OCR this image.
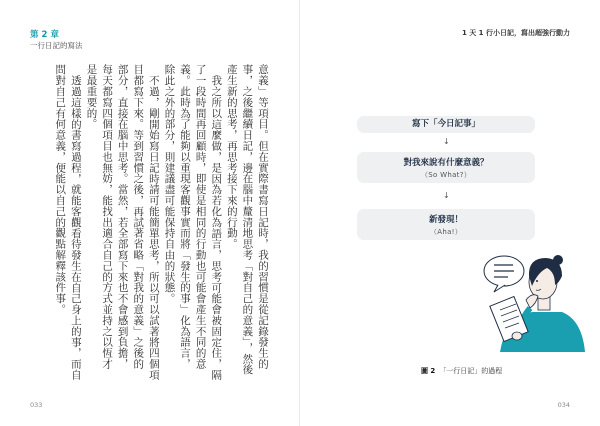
第 2 章
一行日記的寫法

意義」等項目。但在實際書寫日記時，我的習慣是從記錄發生的事，之後繼續日記，邊在腦中釐清地思考「對自己的意義」，然後產生新的思考，再思考接下來的行動。

我之所以這麼做，是因為若化為語言，思考可能會被固定住，隔了一段時間再回顧時，即使是相同的行動也可能會產生不同的意義。此時為了能夠以重現客觀事實而將「發生的事」化為語言，除此之外的部分，則建議盡可能保持自由的狀態。

不過，剛開始寫日記時請可能簡單思考，所以可以試著將四個項目都寫下來。等到習慣之後，再試著省略「對我的意義」之後的部分，直接在腦中思考。當然，若全部寫下來也不會感到負擔，每天都寫四個項目也無妨，能找出適合自己的方式並持之以恆才是最重要的。

透過這樣的書寫過程，就能客觀看待發生在自己身上的事，而自問對自己有何意義，便能以自己的觀點解釋該件事。

033
1 天 1 行小日記，寫出超強行動力
寫下「今日記事」
↓
對我來說有什麼意義？
（So What?）
↓
新發現！
（Aha!）
圖 2 「一行日記」的過程
034
